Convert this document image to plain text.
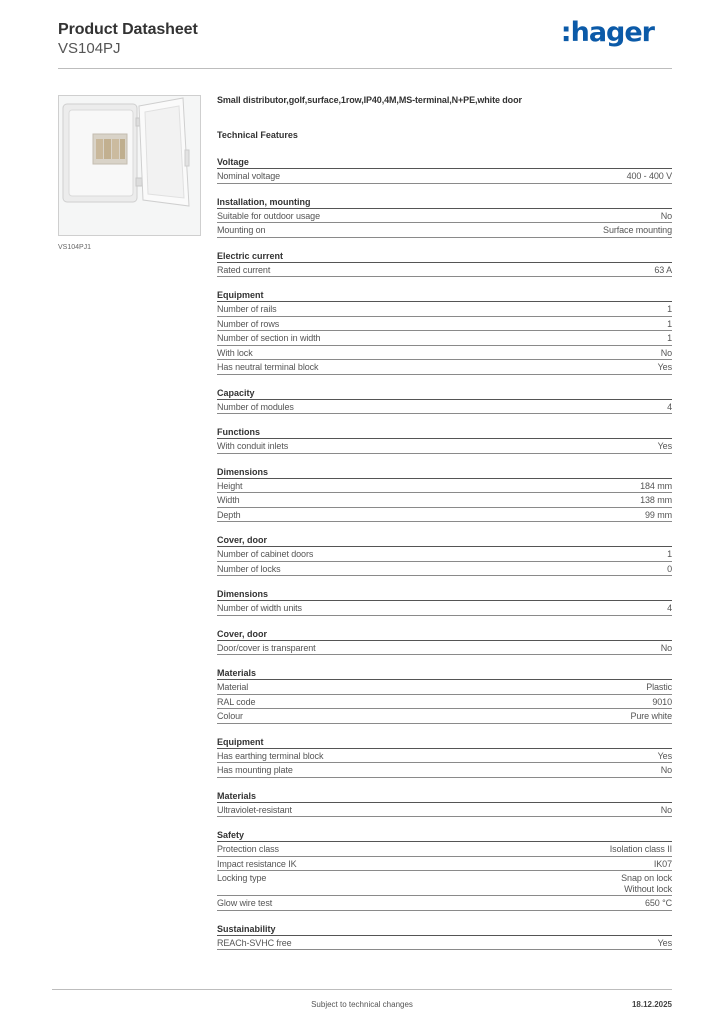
Product Datasheet
VS104PJ
:hager
VS104PJ1
Small distributor,golf,surface,1row,IP40,4M,MS-terminal,N+PE,white door
Technical Features
Voltage
Nominal voltage	400 - 400 V
Installation, mounting
Suitable for outdoor usage	No
Mounting on	Surface mounting
Electric current
Rated current	63 A
Equipment
Number of rails	1
Number of rows	1
Number of section in width	1
With lock	No
Has neutral terminal block	Yes
Capacity
Number of modules	4
Functions
With conduit inlets	Yes
Dimensions
Height	184 mm
Width	138 mm
Depth	99 mm
Cover, door
Number of cabinet doors	1
Number of locks	0
Dimensions
Number of width units	4
Cover, door
Door/cover is transparent	No
Materials
Material	Plastic
RAL code	9010
Colour	Pure white
Equipment
Has earthing terminal block	Yes
Has mounting plate	No
Materials
Ultraviolet-resistant	No
Safety
Protection class	Isolation class II
Impact resistance IK	IK07
Locking type	Snap on lock
Without lock
Glow wire test	650 °C
Sustainability
REACh-SVHC free	Yes
Subject to technical changes	18.12.2025
